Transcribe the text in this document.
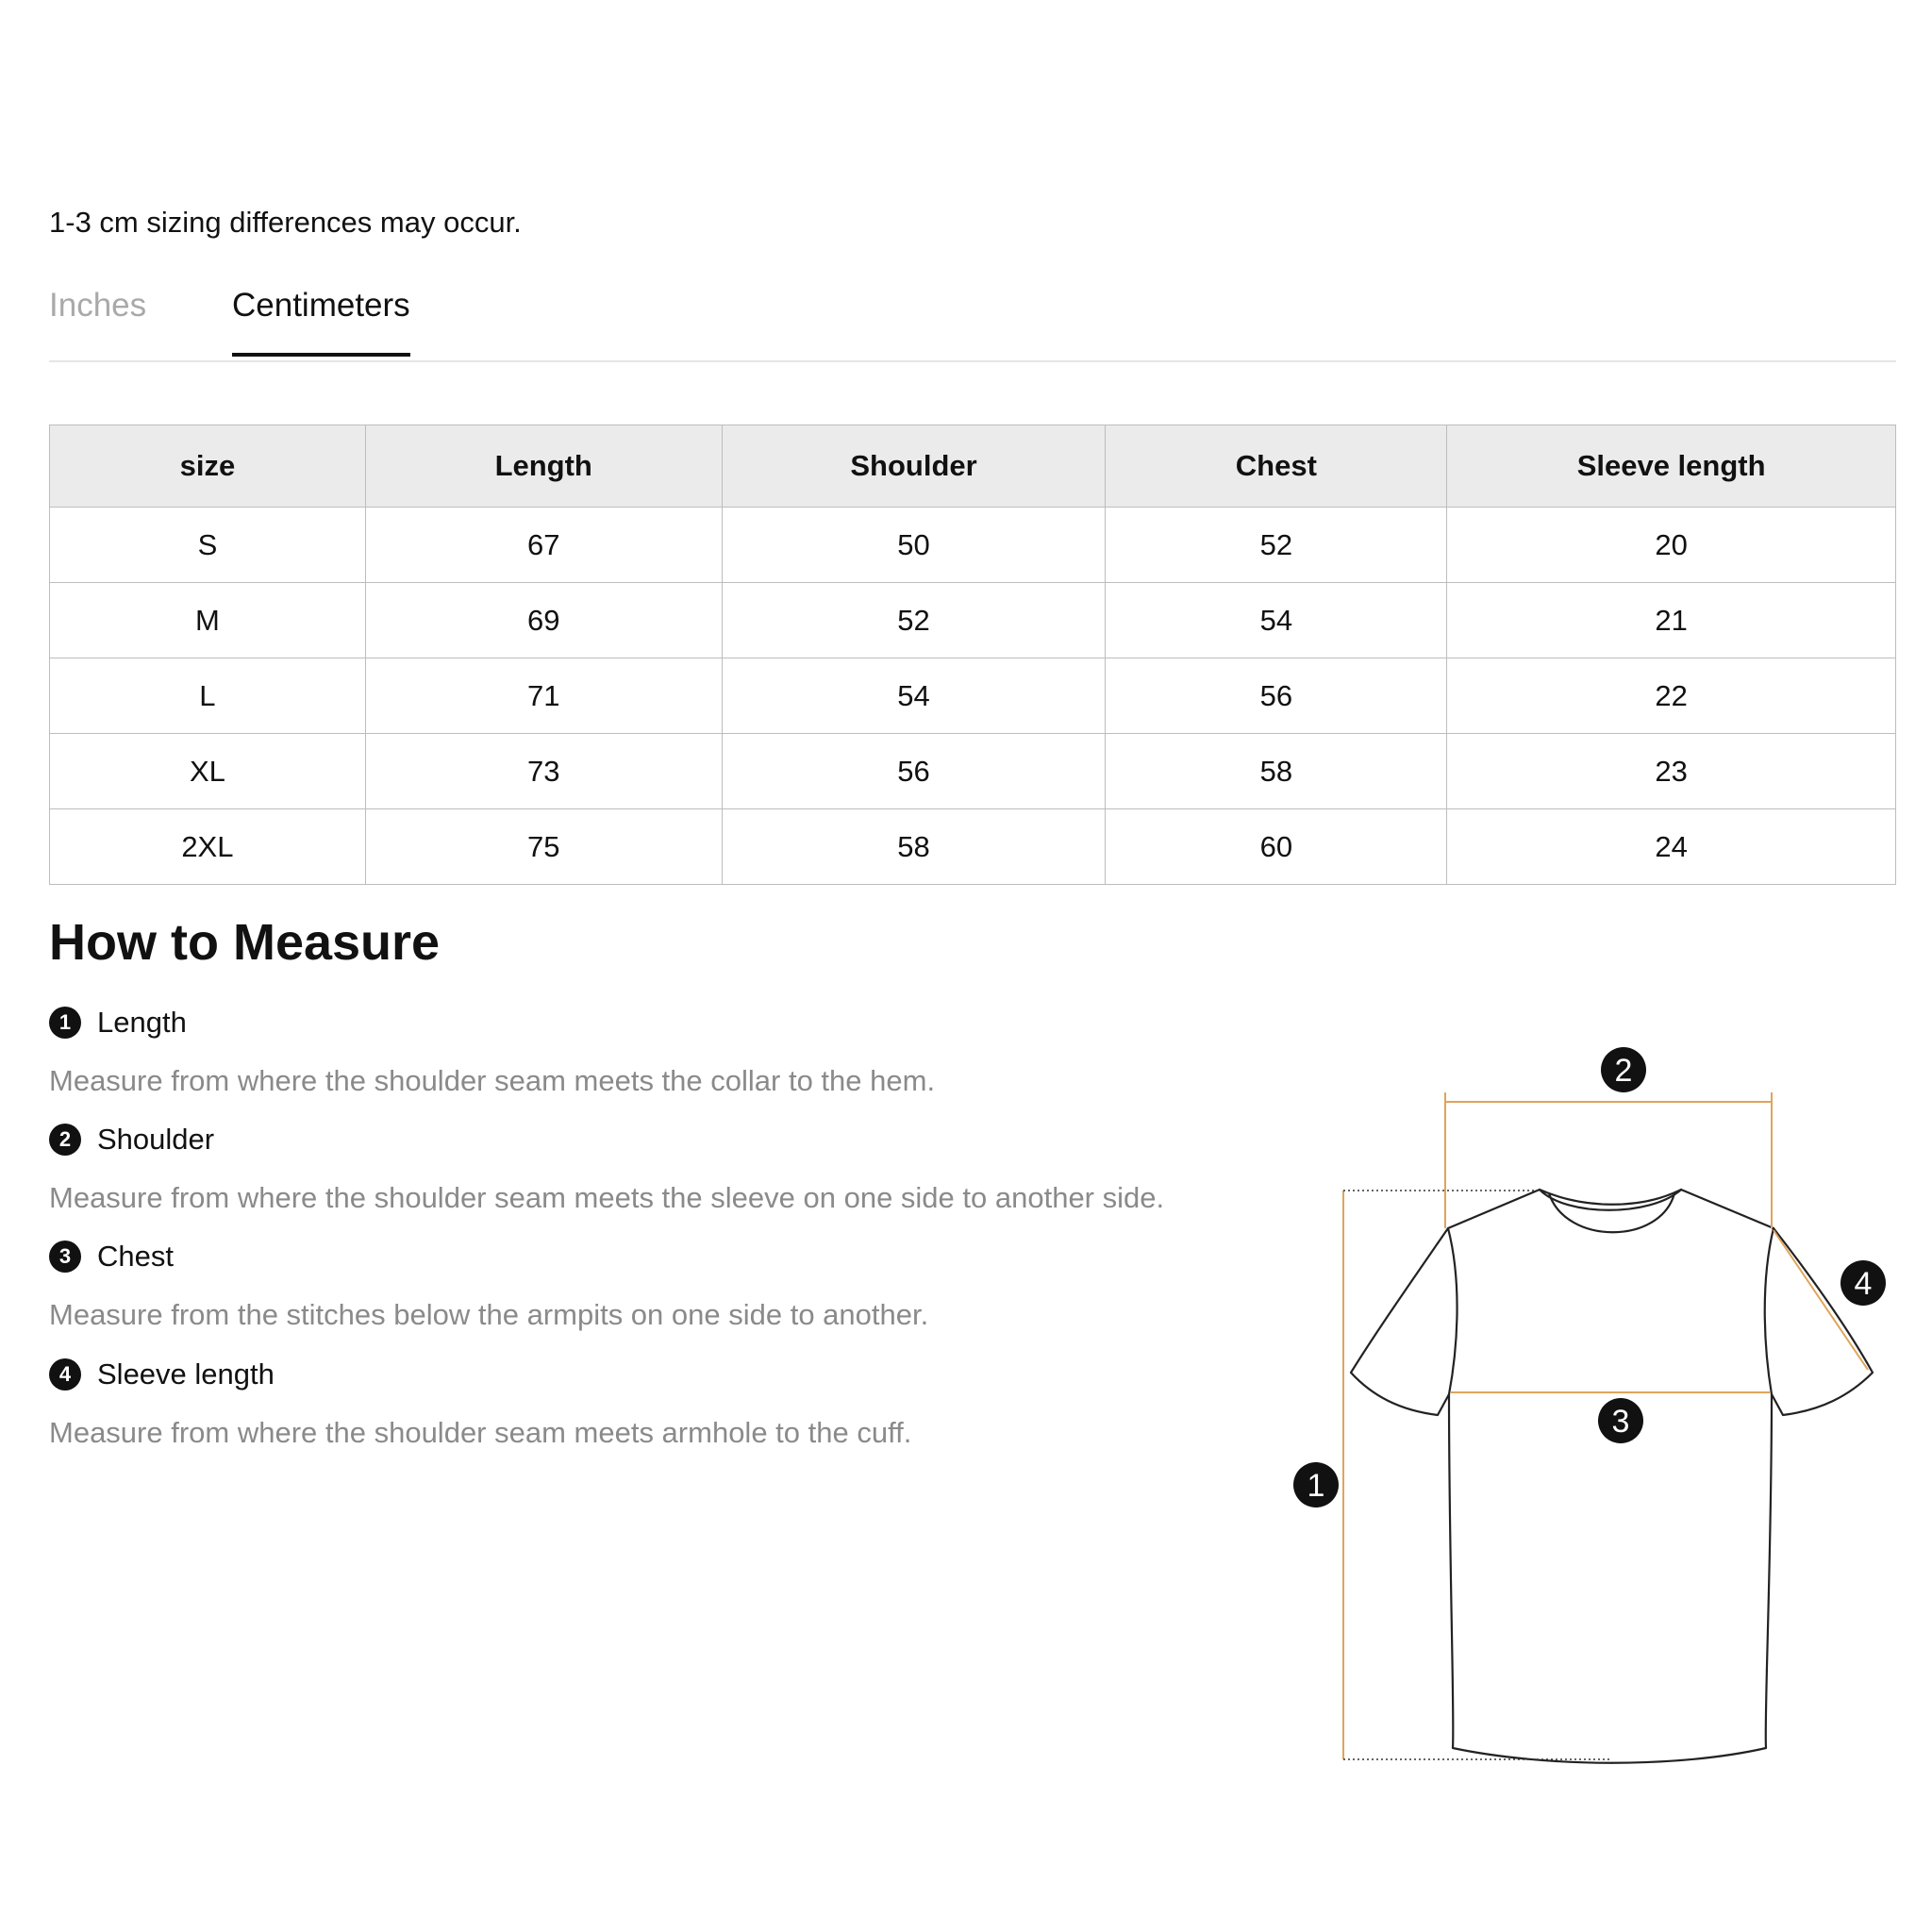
1-3 cm sizing differences may occur.
Inches	Centimeters
size	Length	Shoulder	Chest	Sleeve length
S	67	50	52	20
M	69	52	54	21
L	71	54	56	22
XL	73	56	58	23
2XL	75	58	60	24
How to Measure
1 Length
Measure from where the shoulder seam meets the collar to the hem.
2 Shoulder
Measure from where the shoulder seam meets the sleeve on one side to another side.
3 Chest
Measure from the stitches below the armpits on one side to another.
4 Sleeve length
Measure from where the shoulder seam meets armhole to the cuff.
1
2
3
4
